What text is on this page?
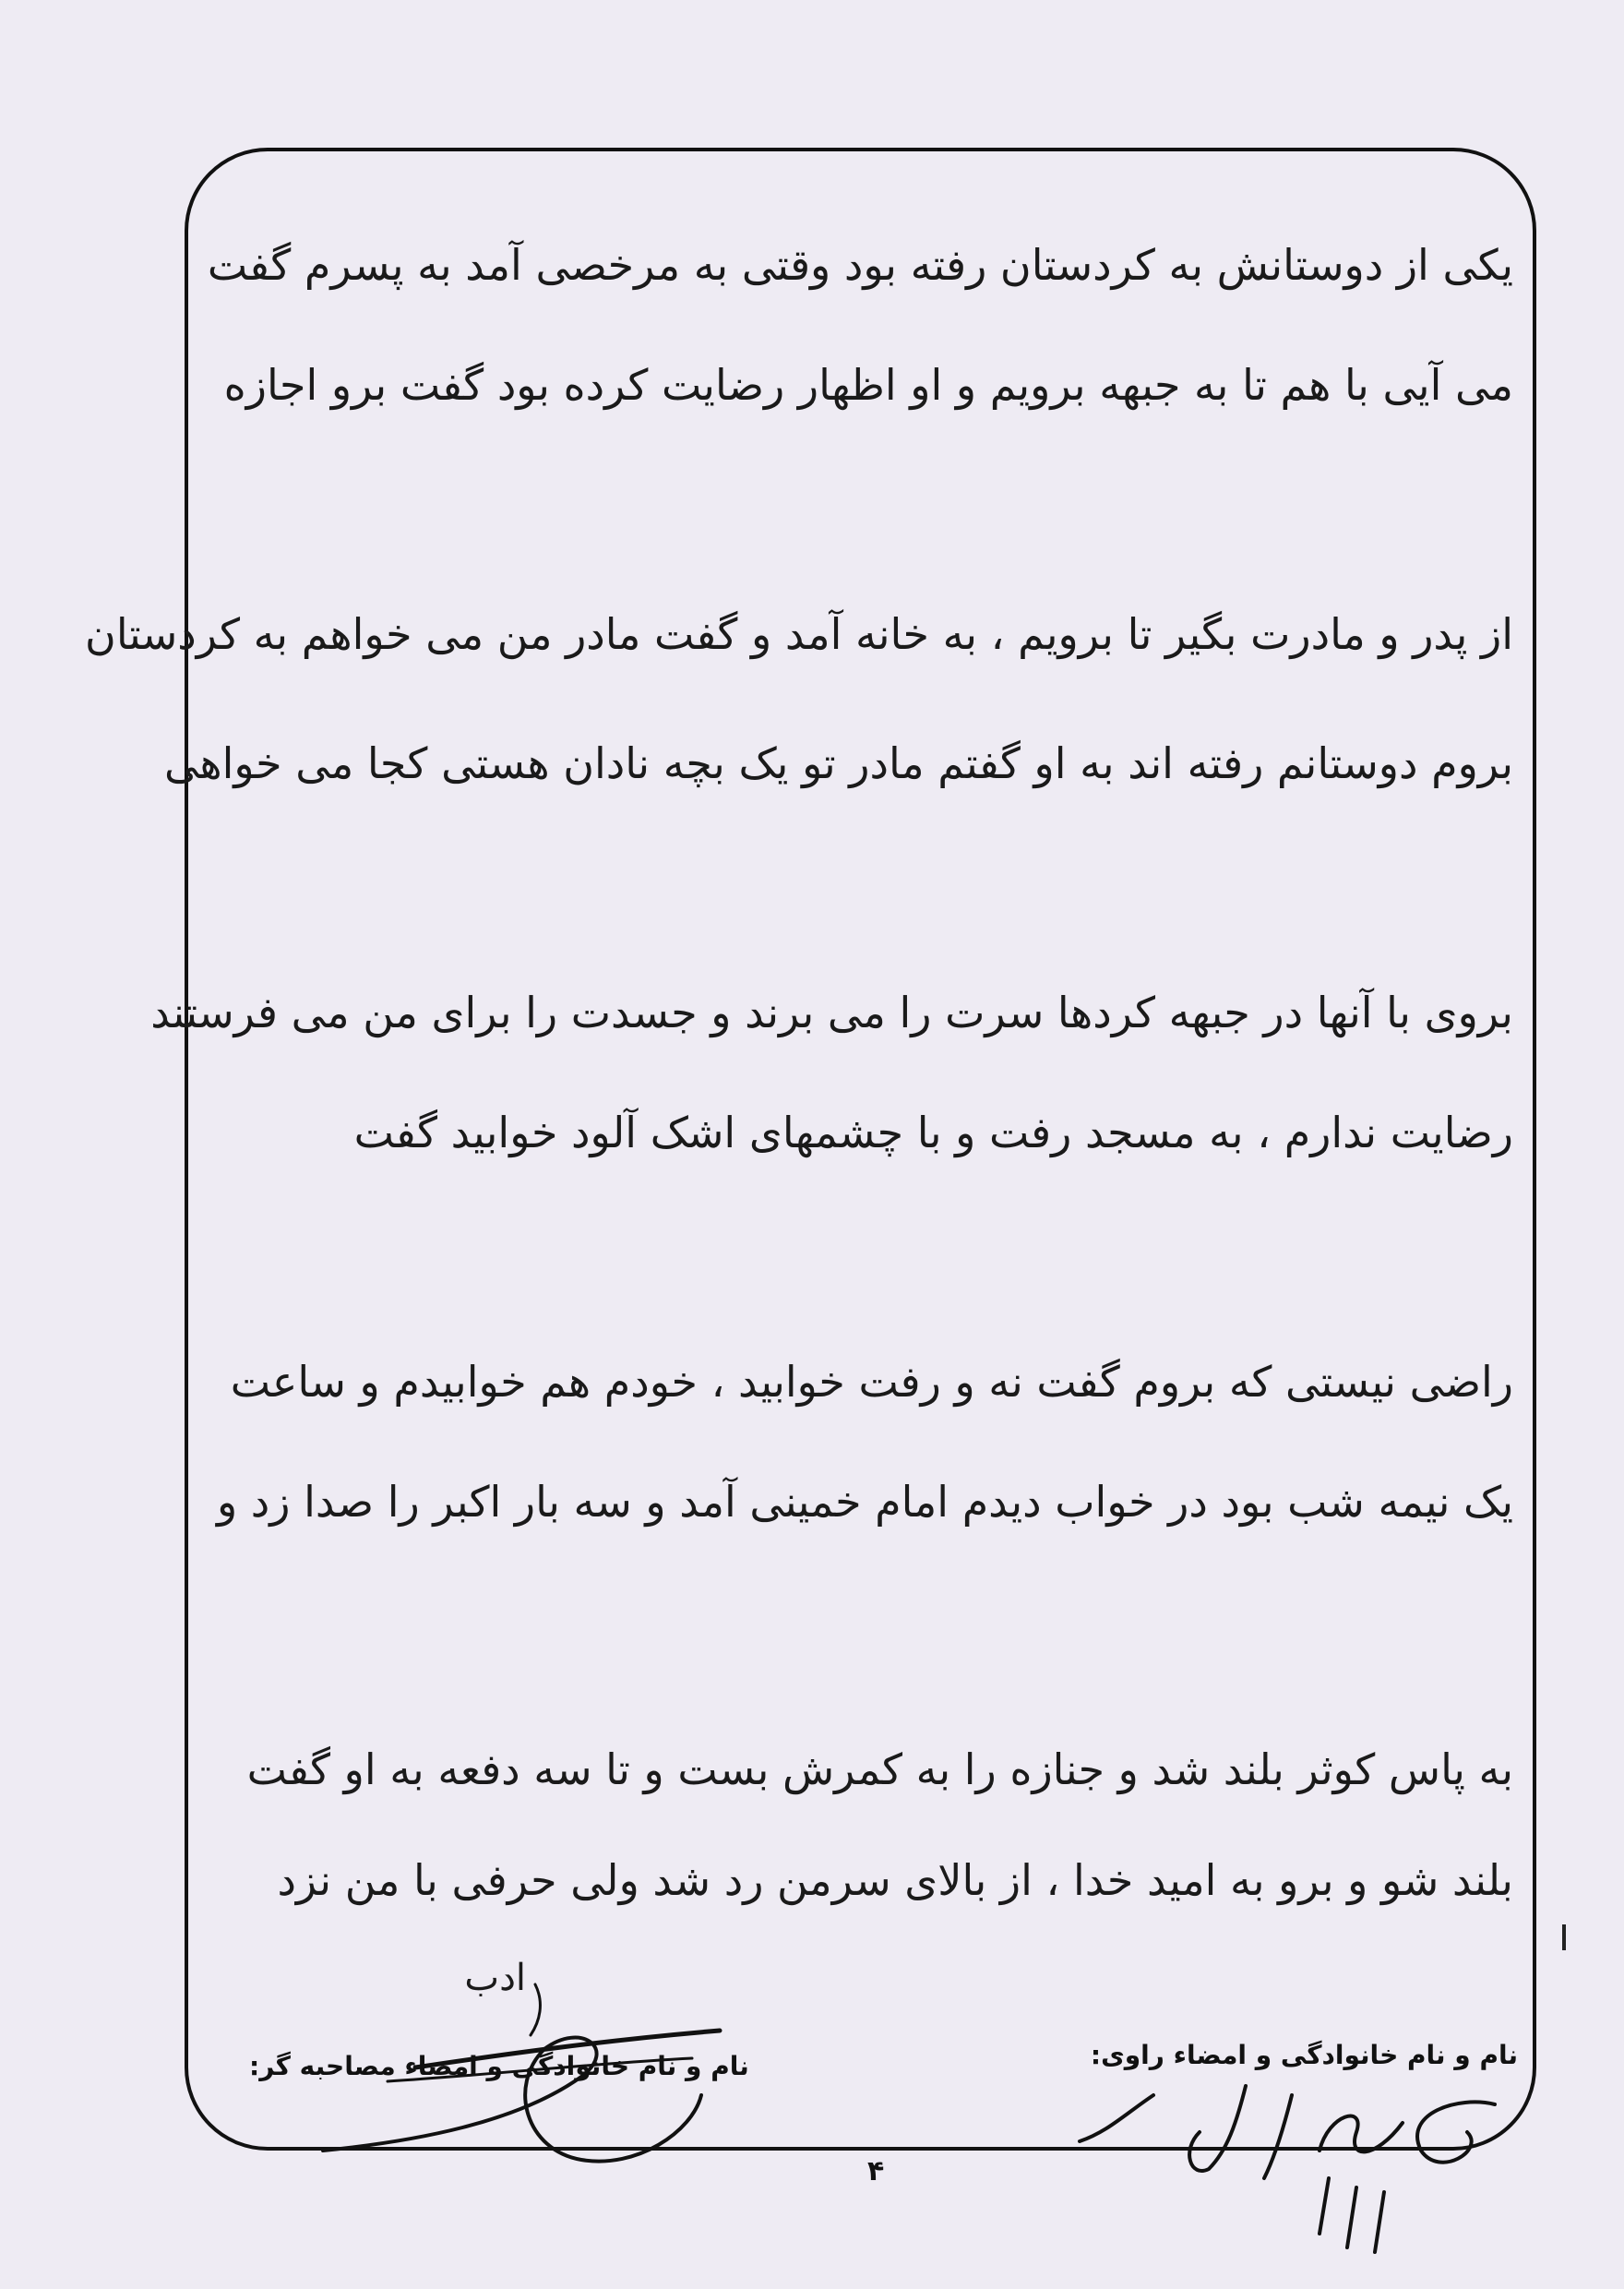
یکی از دوستانش به کردستان رفته بود وقتی به مرخصی آمد به پسرم گفت
می آیی با هم تا به جبهه برویم و او اظهار رضایت کرده بود گفت برو اجازه
از پدر و مادرت بگیر تا برویم ، به خانه آمد و گفت مادر من می خواهم به کردستان
بروم دوستانم رفته اند به او گفتم مادر تو یک بچه نادان هستی کجا می خواهی
بروی با آنها در جبهه کردها سرت را می برند و جسدت را برای من می فرستند
رضایت ندارم ، به مسجد رفت و با چشمهای اشک آلود خوابید گفت
راضی نیستی که بروم گفت نه و رفت خوابید ، خودم هم خوابیدم و ساعت
یک نیمه شب بود در خواب دیدم امام خمینی آمد و سه بار اکبر را صدا زد و
به پاس کوثر بلند شد و جنازه را به کمرش بست و تا سه دفعه به او گفت
بلند شو و برو به امید خدا ، از بالای سرمن رد شد ولی حرفی با من نزد
ادب
نام و نام خانوادگی و امضاء راوی:
نام و نام خانوادگی و امضاء مصاحبه گر:
۴
